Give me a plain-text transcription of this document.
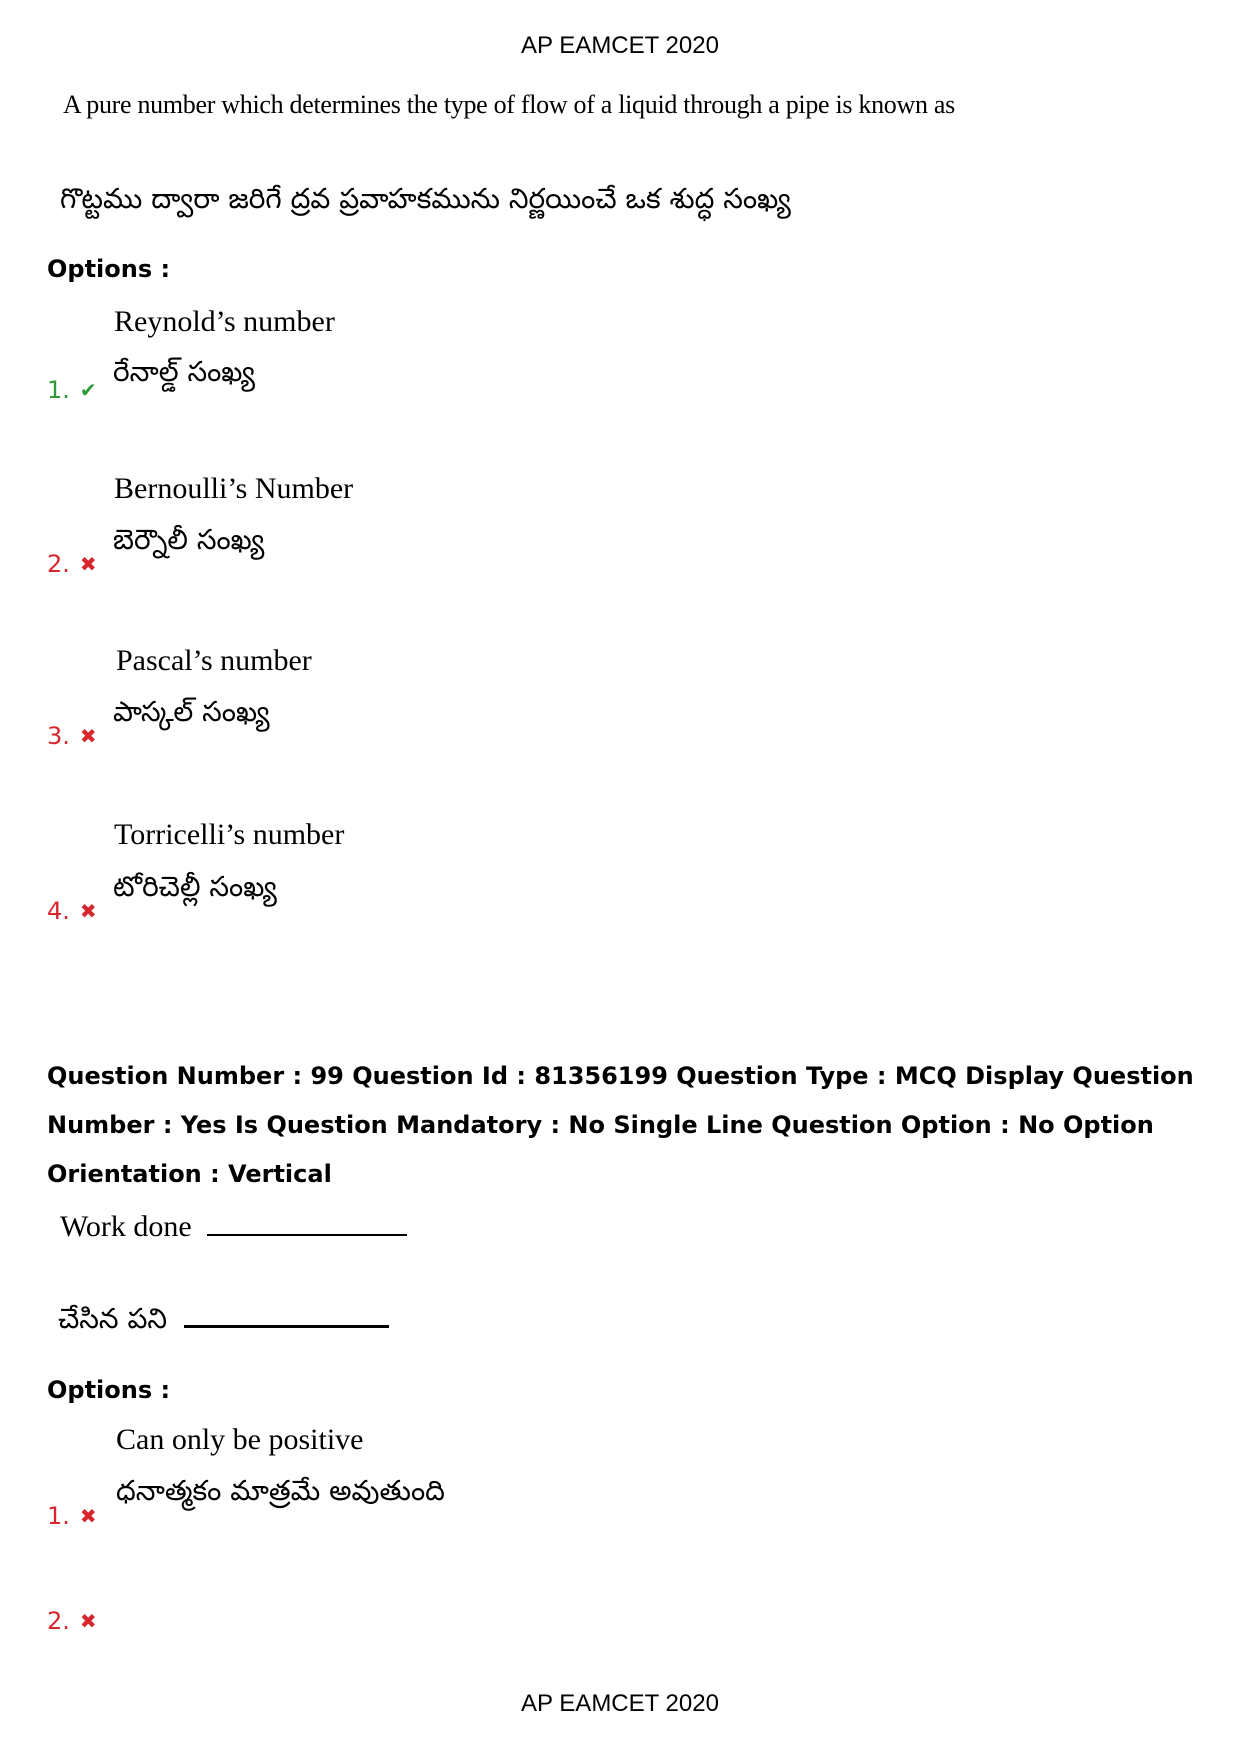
AP EAMCET 2020
A pure number which determines the type of flow of a liquid through a pipe is known as
గొట్టము ద్వారా జరిగే ద్రవ ప్రవాహకమును నిర్ణయించే ఒక శుద్ధ సంఖ్య
Options :
Reynold’s number
రేనాల్డ్ సంఖ్య
1. ✔
Bernoulli’s Number
బెర్నౌలీ సంఖ్య
2. ✖
Pascal’s number
పాస్కల్ సంఖ్య
3. ✖
Torricelli’s number
టోరిచెల్లీ సంఖ్య
4. ✖
Question Number : 99 Question Id : 81356199 Question Type : MCQ Display Question Number : Yes Is Question Mandatory : No Single Line Question Option : No Option Orientation : Vertical
Work done
చేసిన పని
Options :
Can only be positive
ధనాత్మకం మాత్రమే అవుతుంది
1. ✖
2. ✖
AP EAMCET 2020
